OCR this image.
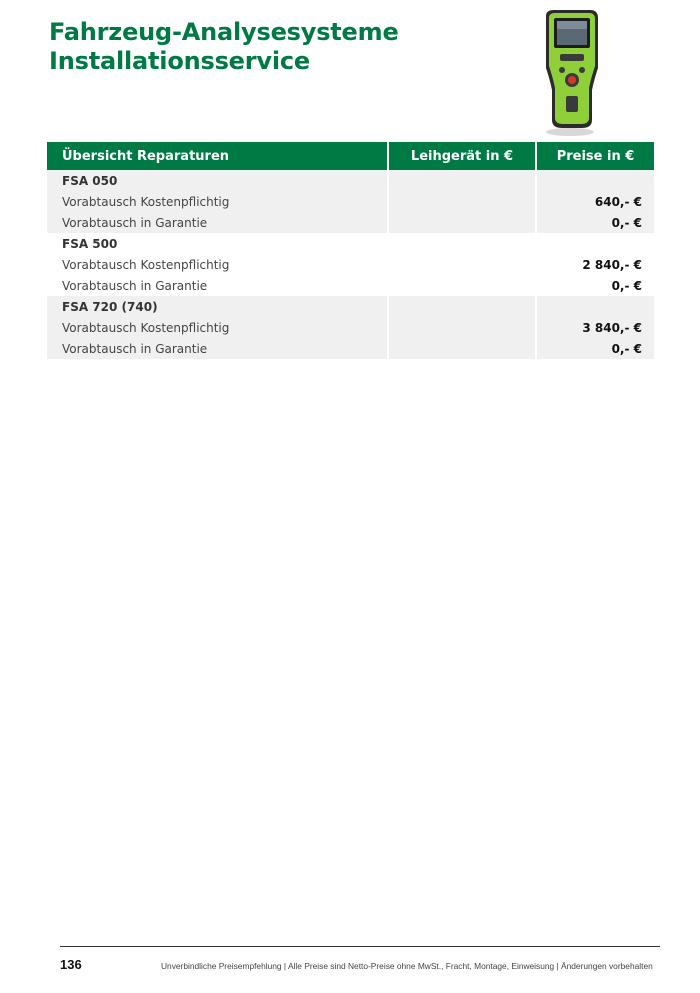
Fahrzeug-Analysesysteme
Installationsservice
Übersicht Reparaturen	Leihgerät in €	Preise in €
FSA 050		
Vorabtausch Kostenpflichtig		640,- €
Vorabtausch in Garantie		0,- €
FSA 500		
Vorabtausch Kostenpflichtig		2 840,- €
Vorabtausch in Garantie		0,- €
FSA 720 (740)		
Vorabtausch Kostenpflichtig		3 840,- €
Vorabtausch in Garantie		0,- €
136	Unverbindliche Preisempfehlung | Alle Preise sind Netto-Preise ohne MwSt., Fracht, Montage, Einweisung | Änderungen vorbehalten
